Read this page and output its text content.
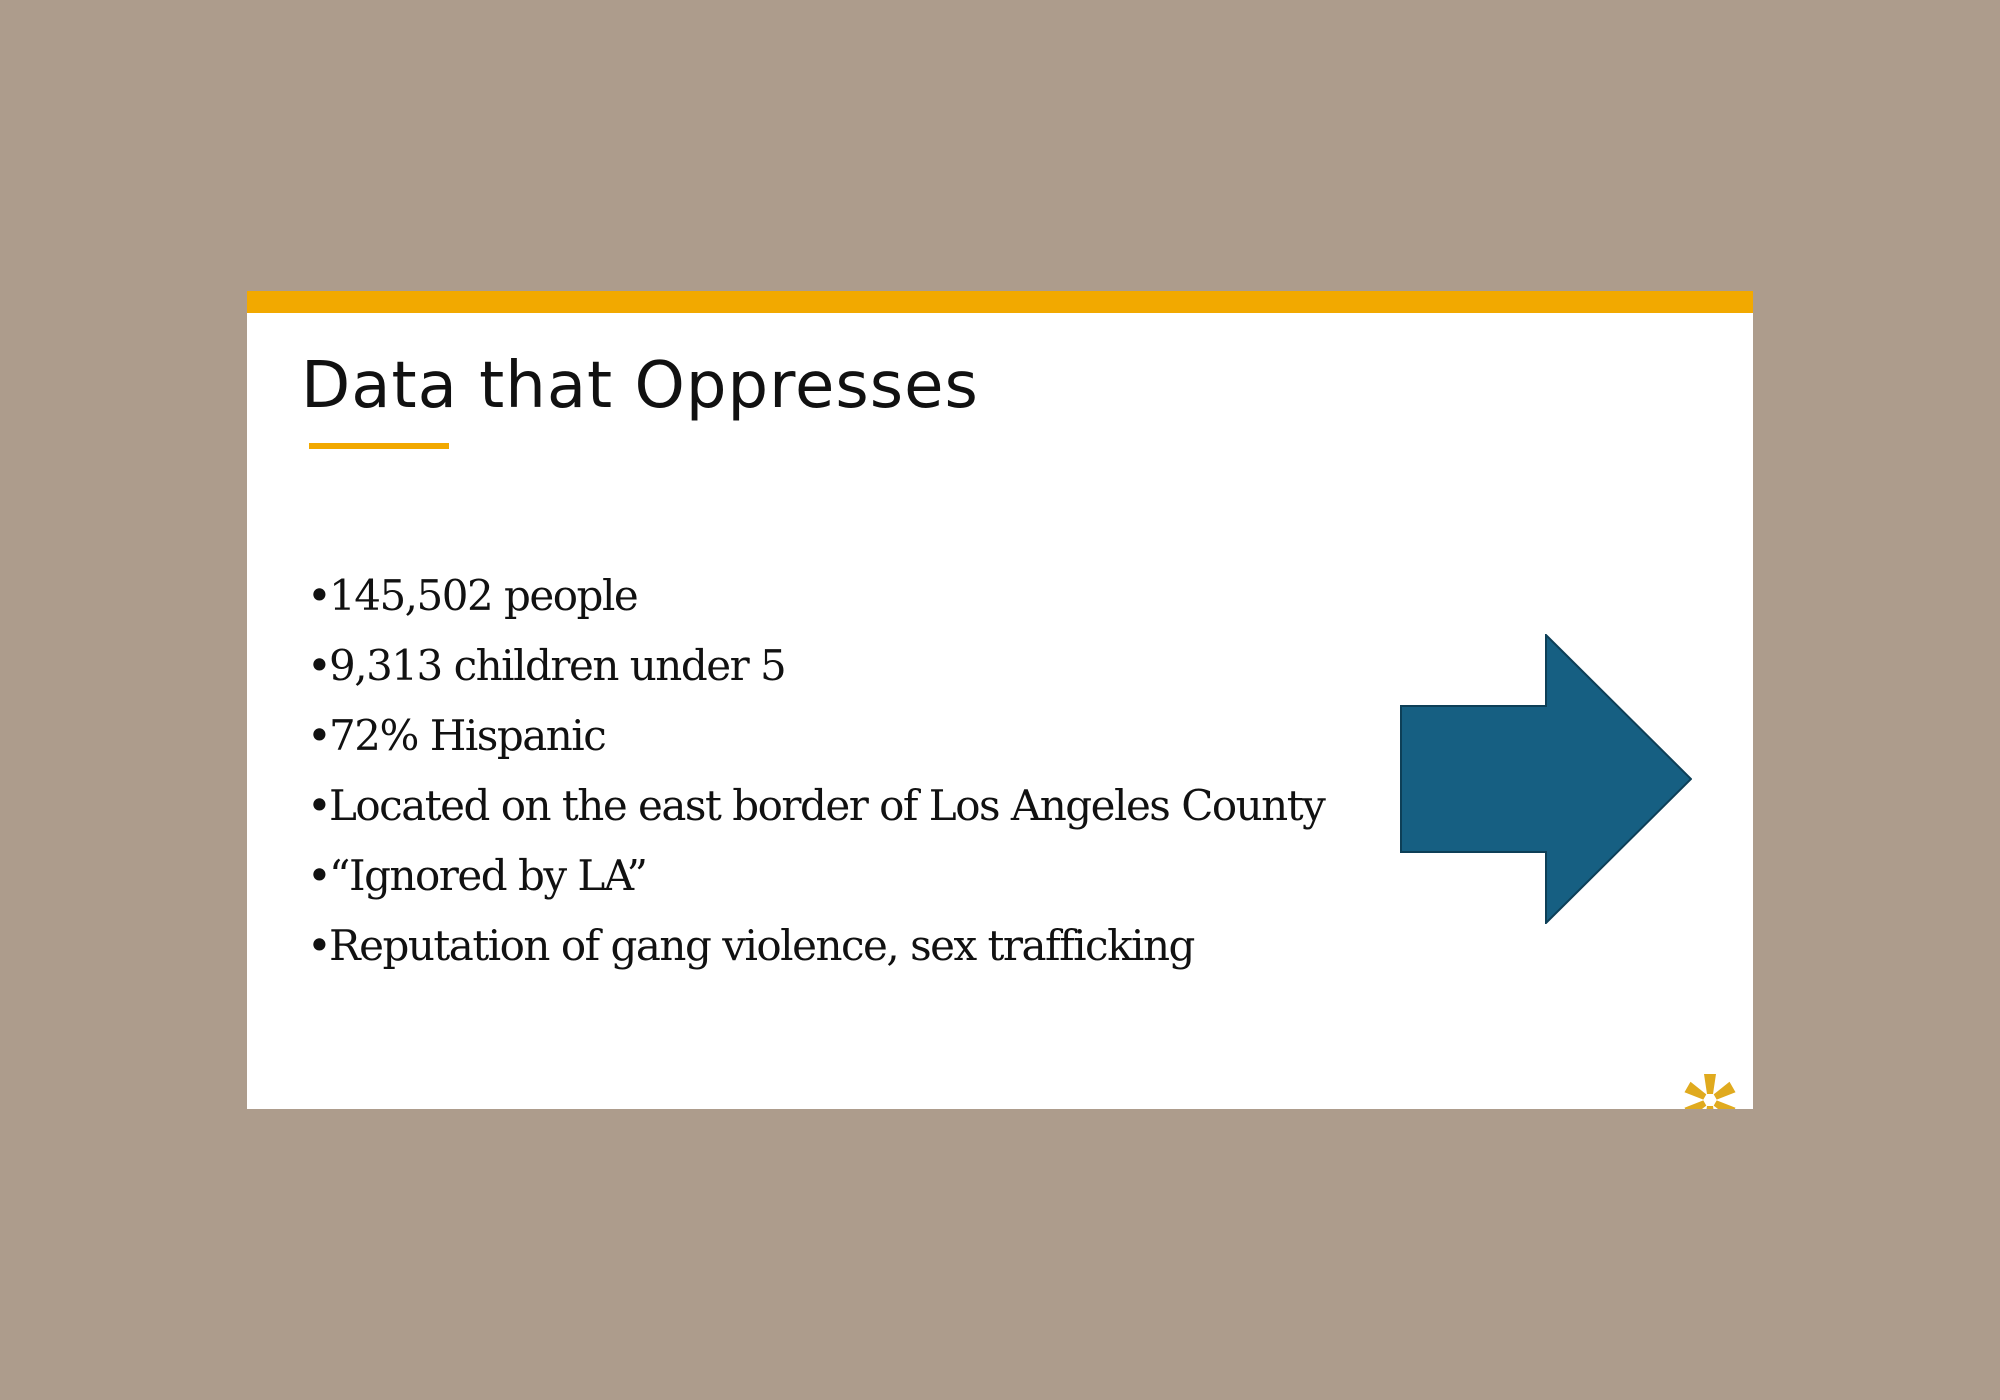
Data that Oppresses
•145,502 people
•9,313 children under 5
•72% Hispanic
•Located on the east border of Los Angeles County
•“Ignored by LA”
•Reputation of gang violence, sex trafficking
